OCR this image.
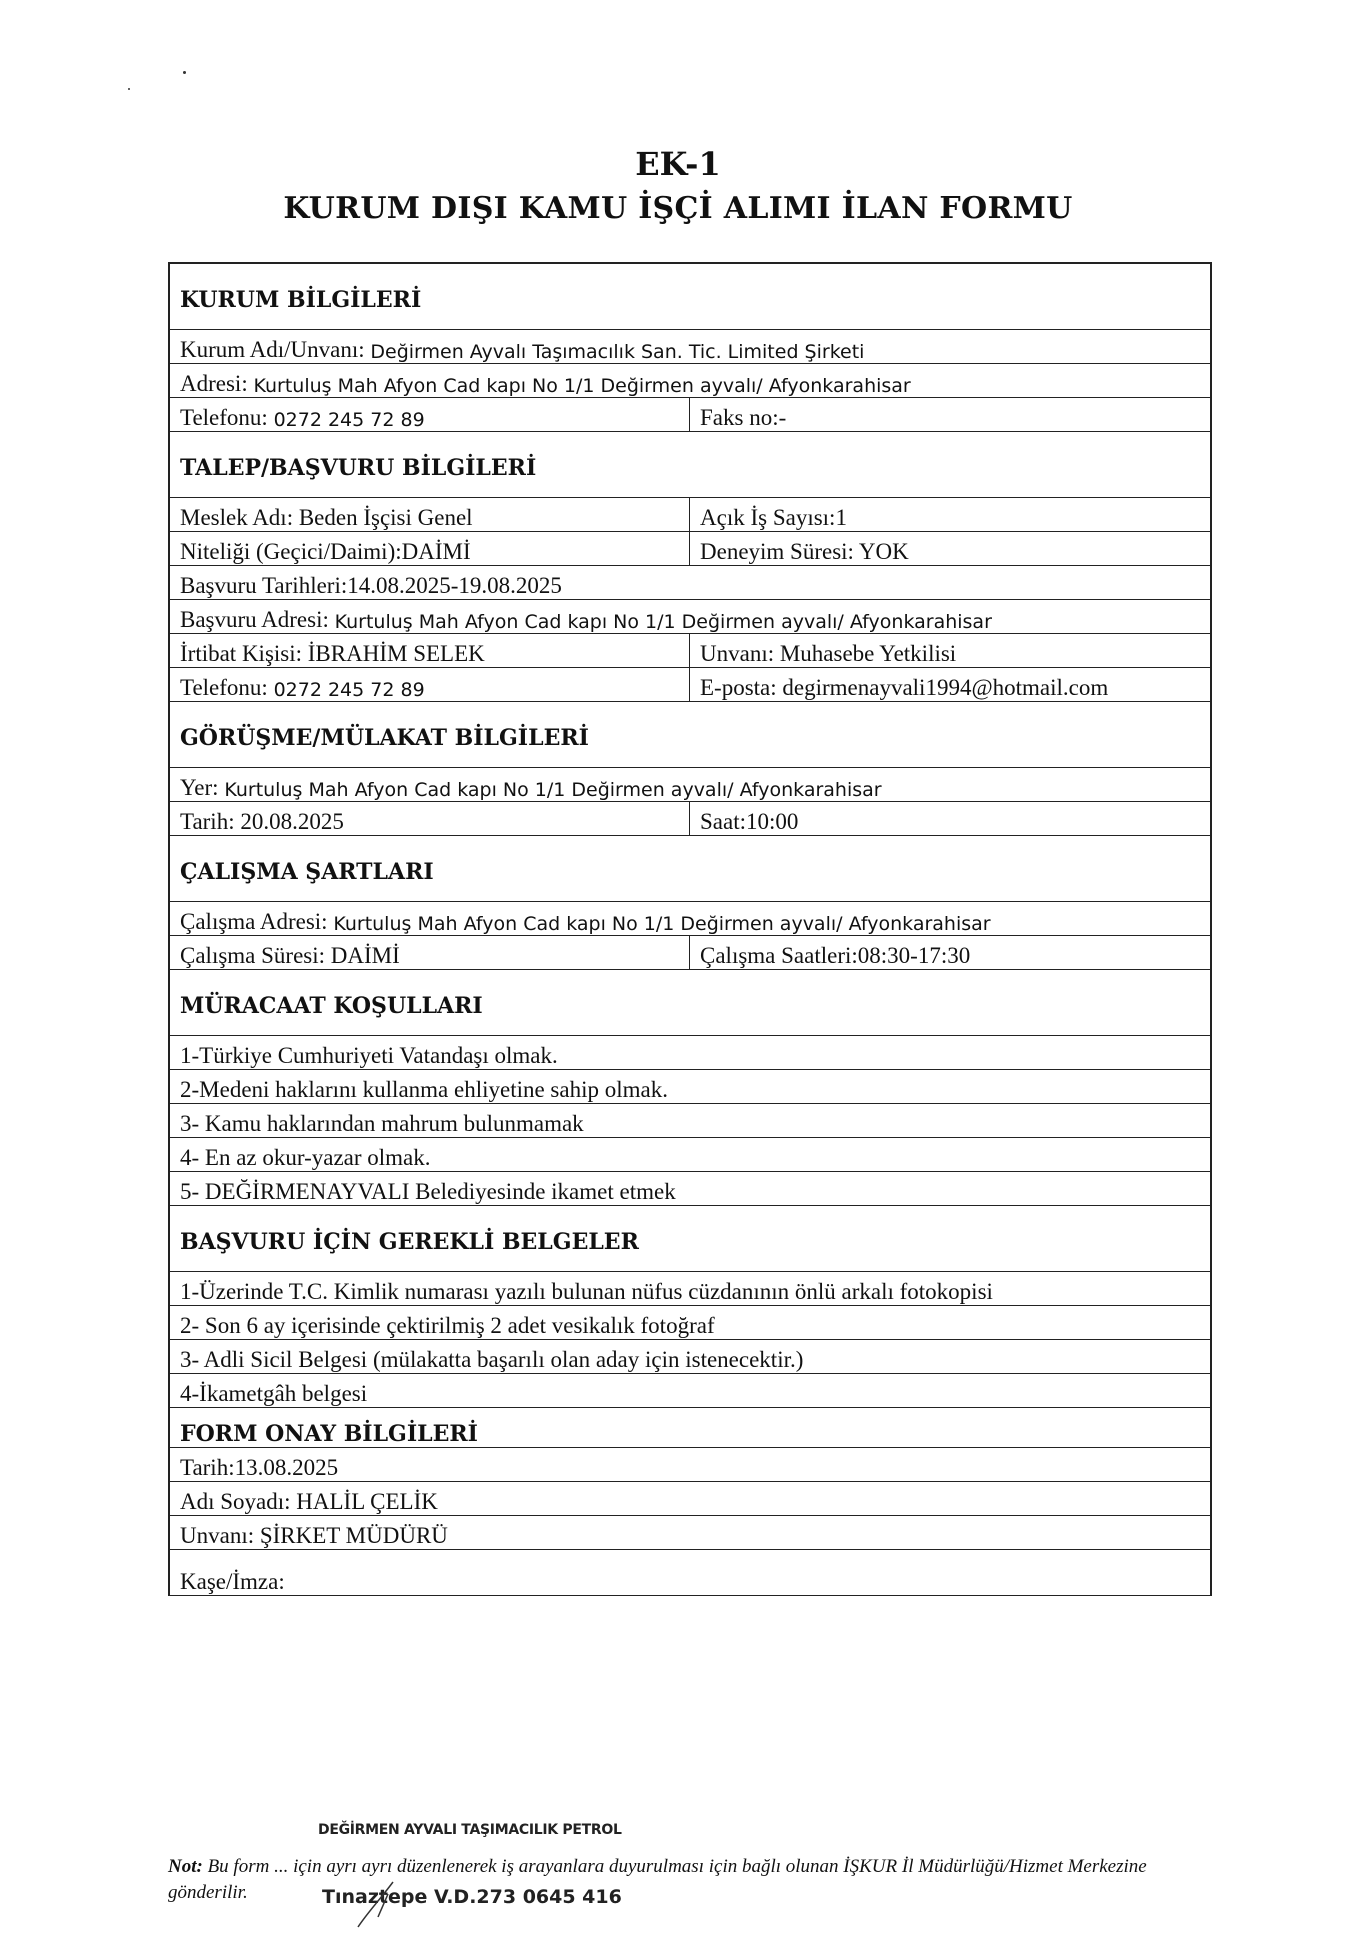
EK-1
KURUM DIŞI KAMU İŞÇİ ALIMI İLAN FORMU
KURUM BİLGİLERİ
Kurum Adı/Unvanı:
Değirmen Ayvalı Taşımacılık San. Tic. Limited Şirketi
Adresi:
Kurtuluş Mah Afyon Cad kapı No 1/1 Değirmen ayvalı/ Afyonkarahisar
Telefonu:
0272 245 72 89	Faks no:-
TALEP/BAŞVURU BİLGİLERİ
Meslek Adı: Beden İşçisi Genel	Açık İş Sayısı:1
Niteliği (Geçici/Daimi):DAİMİ	Deneyim Süresi: YOK
Başvuru Tarihleri:14.08.2025-19.08.2025
Başvuru Adresi:
Kurtuluş Mah Afyon Cad kapı No 1/1 Değirmen ayvalı/ Afyonkarahisar
İrtibat Kişisi: İBRAHİM SELEK	Unvanı: Muhasebe Yetkilisi
Telefonu:
0272 245 72 89	E-posta: degirmenayvali1994@hotmail.com
GÖRÜŞME/MÜLAKAT BİLGİLERİ
Yer:
Kurtuluş Mah Afyon Cad kapı No 1/1 Değirmen ayvalı/ Afyonkarahisar
Tarih: 20.08.2025	Saat:10:00
ÇALIŞMA ŞARTLARI
Çalışma Adresi:
Kurtuluş Mah Afyon Cad kapı No 1/1 Değirmen ayvalı/ Afyonkarahisar
Çalışma Süresi: DAİMİ	Çalışma Saatleri:08:30-17:30
MÜRACAAT KOŞULLARI
1-Türkiye Cumhuriyeti Vatandaşı olmak.
2-Medeni haklarını kullanma ehliyetine sahip olmak.
3- Kamu haklarından mahrum bulunmamak
4- En az okur-yazar olmak.
5- DEĞİRMENAYVALI Belediyesinde ikamet etmek
BAŞVURU İÇİN GEREKLİ BELGELER
1-Üzerinde T.C. Kimlik numarası yazılı bulunan nüfus cüzdanının önlü arkalı fotokopisi
2- Son 6 ay içerisinde çektirilmiş 2 adet vesikalık fotoğraf
3- Adli Sicil Belgesi (mülakatta başarılı olan aday için istenecektir.)
4-İkametgâh belgesi
FORM ONAY BİLGİLERİ
Tarih:13.08.2025
Adı Soyadı: HALİL ÇELİK
Unvanı: ŞİRKET MÜDÜRÜ
Kaşe/İmza:
DEĞİRMEN AYVALI TAŞIMACILIK PETROL
Tınaztepe V.D.273 0645 416
Not: Bu form ... için ayrı ayrı düzenlenerek iş arayanlara duyurulması için bağlı olunan İŞKUR İl Müdürlüğü/Hizmet Merkezine gönderilir.
